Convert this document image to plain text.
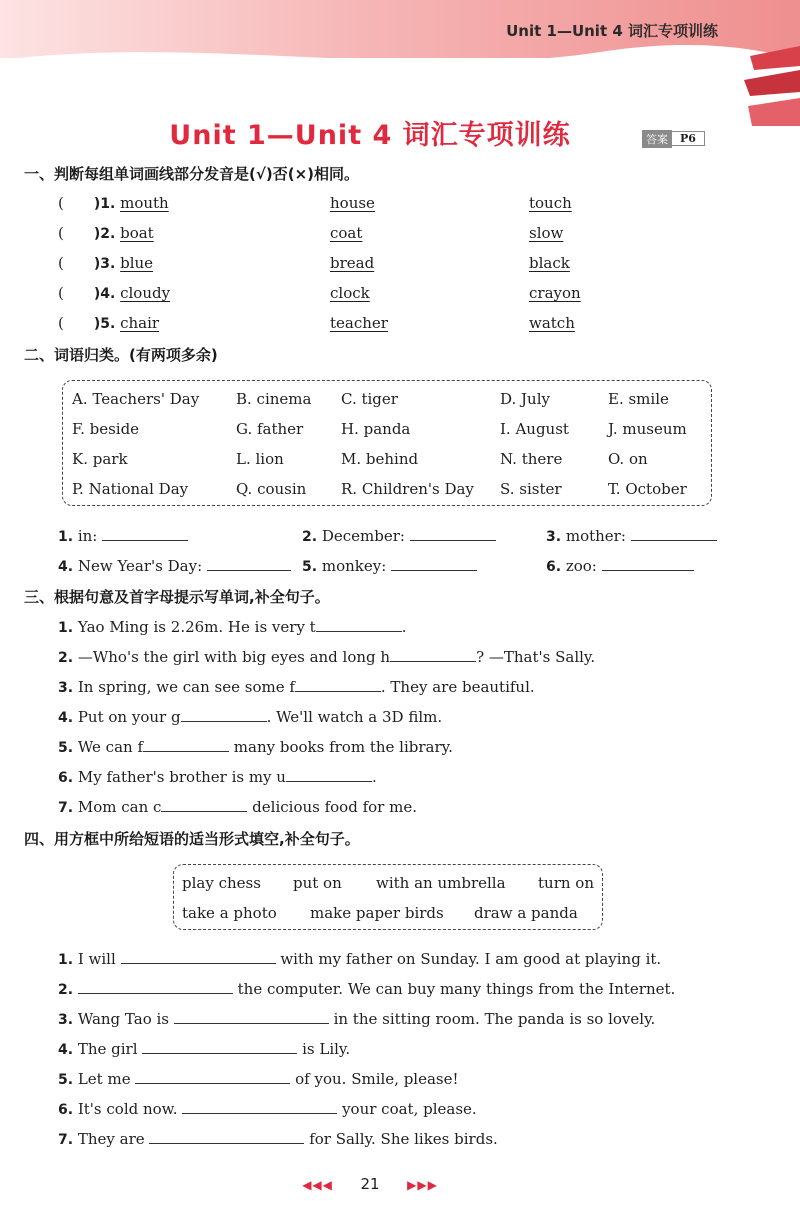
Unit 1—Unit 4 词汇专项训练
Unit 1—Unit 4 词汇专项训练	答案	P6
一、判断每组单词画线部分发音是(√)否(×)相同。
( )1. mouth	house	touch
( )2. boat	coat	slow
( )3. blue	bread	black
( )4. cloudy	clock	crayon
( )5. chair	teacher	watch
二、词语归类。(有两项多余)
A. Teachers' Day B. cinema C. tiger	D. July	E. smile
F. beside	G. father	H. panda	I. August	J. museum
K. park	L. lion	M. behind	N. there	O. on
P. National Day	Q. cousin R. Children's Day S. sister	T. October
1. in:	2. December:	3. mother:
4. New Year's Day:	5. monkey:	6. zoo:
三、根据句意及首字母提示写单词,补全句子。
1. Yao Ming is 2.26m. He is very t	.
2. —Who's the girl with big eyes and long h	? —That's Sally.
3. In spring, we can see some f	. They are beautiful.
4. Put on your g	. We'll watch a 3D film.
5. We can f	many books from the library.
6. My father's brother is my u	.
7. Mom can c	delicious food for me.
四、用方框中所给短语的适当形式填空,补全句子。
play chess put on with an umbrella turn on
take a photo make paper birds draw a panda
1. I will	with my father on Sunday. I am good at playing it.
2.	the computer. We can buy many things from the Internet.
3. Wang Tao is	in the sitting room. The panda is so lovely.
4. The girl	is Lily.
5. Let me	of you. Smile, please!
6. It's cold now.	your coat, please.
7. They are	for Sally. She likes birds.
◀◀◀ 21 ▶▶▶
